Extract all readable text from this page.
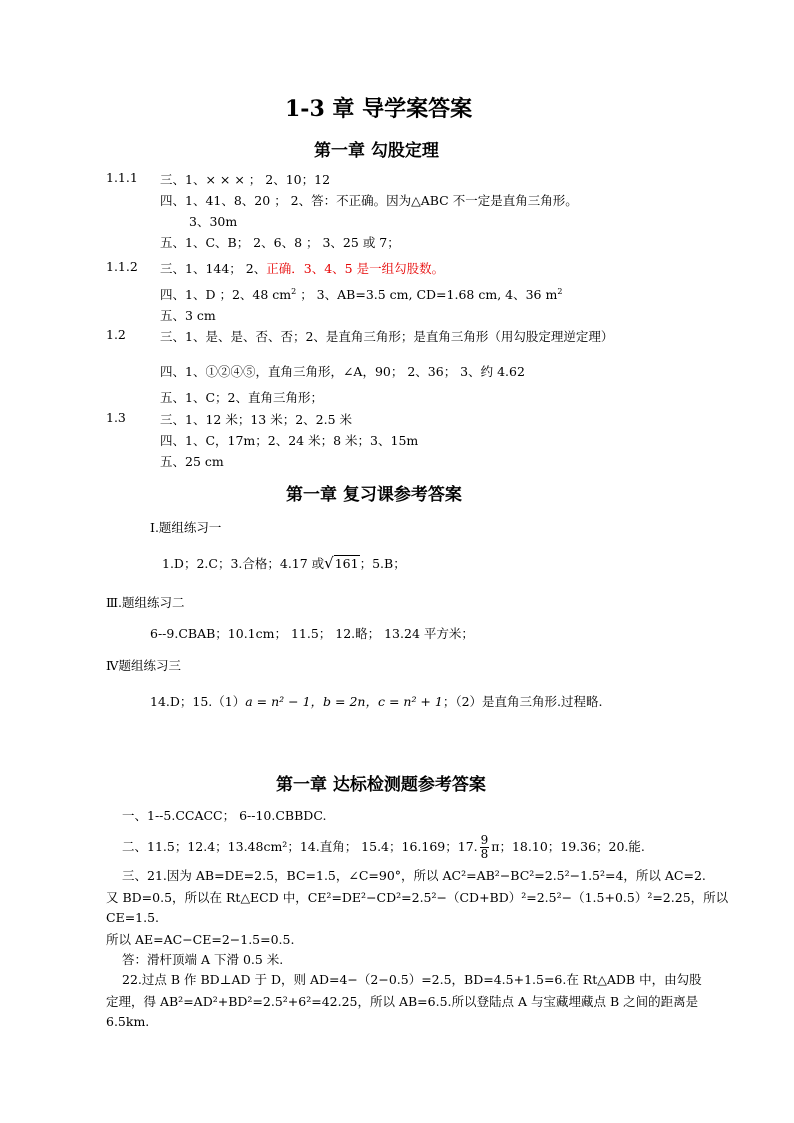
1-3 章 导学案答案
第一章 勾股定理
1.1.1 三、1、× × × ； 2、10；12
四、1、41、8、20 ； 2、答：不正确。因为△ABC 不一定是直角三角形。
3、30m
五、1、C、B； 2、6、8 ； 3、25 或 7；
1.1.2 三、1、144； 2、正确．3、4、5 是一组勾股数。
四、1、D ；2、48 $cm^2$ ； 3、AB=3.5 cm, CD=1.68 cm, 4、36 $m^2$
五、3 cm
1.2	三、1、是、是、否、否；2、是直角三角形；是直角三角形（用勾股定理逆定理）
四、1、①②④⑤，直角三角形，∠A，90； 2、36； 3、约 4.62
五、1、C；2、直角三角形；
1.3	三、1、12 米；13 米；2、2.5 米
四、1、C，17m；2、24 米；8 米；3、15m
五、25 cm
第一章 复习课参考答案
Ⅰ.题组练习一
1.D；2.C；3.合格；4.17 或√161；5.B；
Ⅲ.题组练习二
6--9.CBAB；10.1cm； 11.5； 12.略； 13.24 平方米；
Ⅳ题组练习三
14.D；15.（1）a = n² − 1，b = 2n，c = n² + 1；（2）是直角三角形.过程略.
第一章 达标检测题参考答案
一、1--5.CCACC； 6--10.CBBDC.
二、11.5；12.4；13.48cm²；14.直角； 15.4；16.169；17. $\frac{9}{8}$ π；18.10；19.36；20.能.
三、21.因为 AB=DE=2.5，BC=1.5，∠C=90°，所以 AC²=AB²−BC²=2.5²−1.5²=4，所以 AC=2.
又 BD=0.5，所以在 Rt△ECD 中，CE²=DE²−CD²=2.5²−（CD+BD）²=2.5²−（1.5+0.5）²=2.25，所以
CE=1.5.
所以 AE=AC−CE=2−1.5=0.5.
答：滑杆顶端 A 下滑 0.5 米.
22.过点 B 作 BD⊥AD 于 D，则 AD=4−（2−0.5）=2.5，BD=4.5+1.5=6.在 Rt△ADB 中，由勾股
定理，得 AB²=AD²+BD²=2.5²+6²=42.25，所以 AB=6.5.所以登陆点 A 与宝藏埋藏点 B 之间的距离是
6.5km.
